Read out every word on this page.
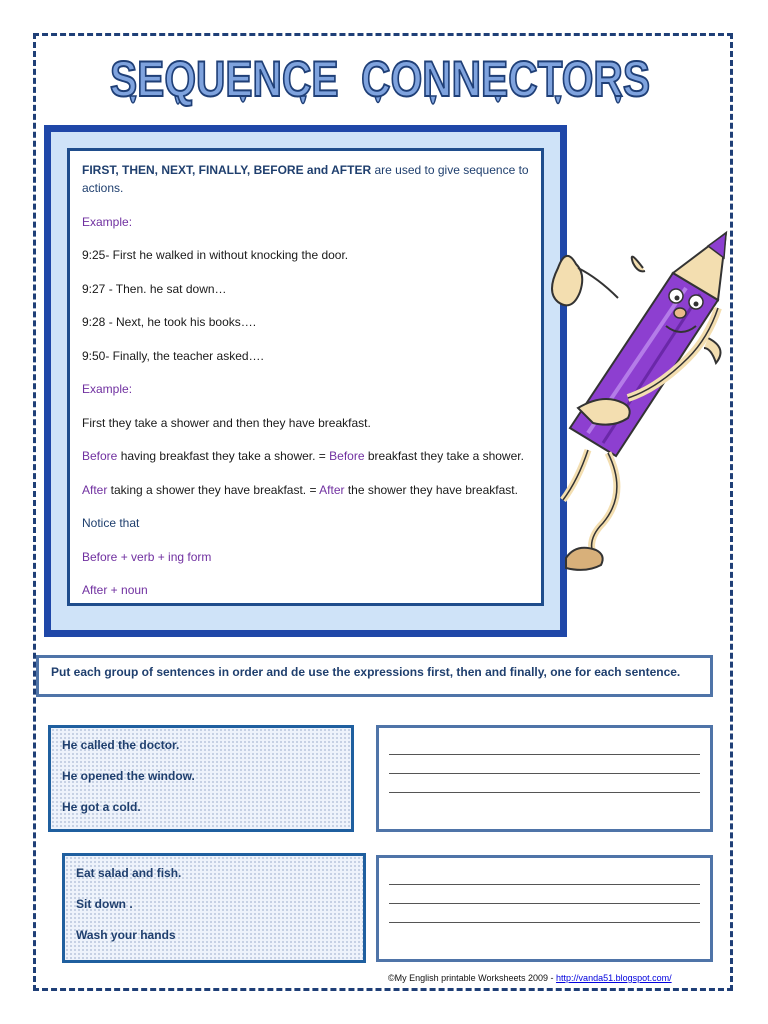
SEQUENCE  CONNECTORS

FIRST, THEN, NEXT, FINALLY, BEFORE and AFTER are used to give sequence to actions.

Example:

9:25- First he walked in without knocking the door.

9:27 - Then. he sat down…

9:28 - Next, he took his books….

9:50- Finally, the teacher asked….

Example:

First they take a shower and then they have breakfast.

Before having breakfast they take a shower. = Before breakfast they take a shower.

After taking a shower they have breakfast. = After the shower they have breakfast.

Notice that

Before + verb + ing form

After + noun

Put each group of sentences in order and de use the expressions first, then and finally, one for each sentence.

He called the doctor.

He opened the window.

He got a cold.

Eat salad and fish.

Sit down .

Wash your hands

©My English printable Worksheets 2009 - http://vanda51.blogspot.com/
